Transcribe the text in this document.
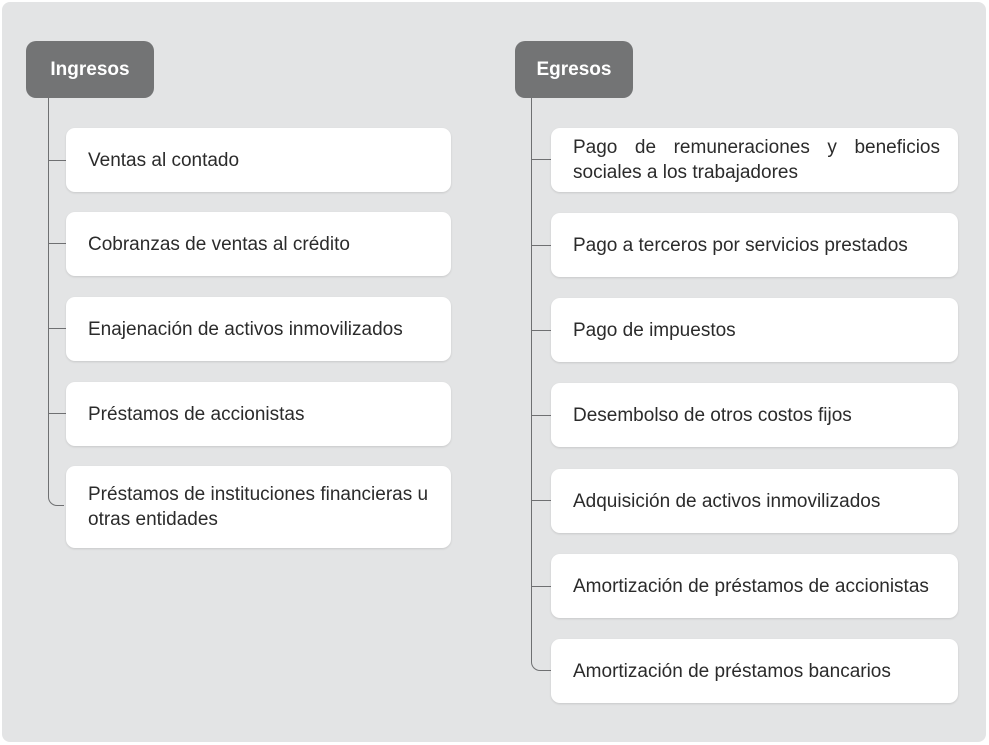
Ingresos
Ventas al contado
Cobranzas de ventas al crédito
Enajenación de activos inmovilizados
Préstamos de accionistas
Préstamos de instituciones financieras u otras entidades
Egresos
Pago de remuneraciones y beneficios sociales a los trabajadores
Pago a terceros por servicios prestados
Pago de impuestos
Desembolso de otros costos fijos
Adquisición de activos inmovilizados
Amortización de préstamos de accionistas
Amortización de préstamos bancarios
